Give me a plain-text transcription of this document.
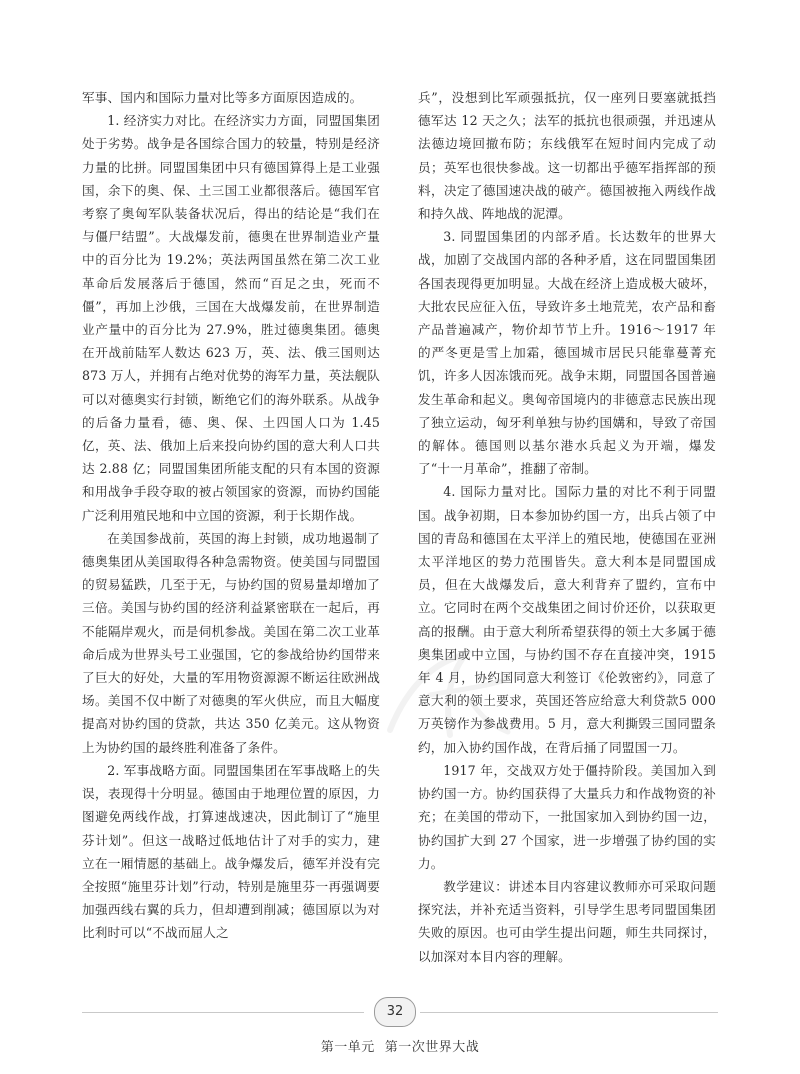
军事、国内和国际力量对比等多方面原因造成的。

1. 经济实力对比。在经济实力方面，同盟国集团处于劣势。战争是各国综合国力的较量，特别是经济力量的比拼。同盟国集团中只有德国算得上是工业强国，余下的奥、保、土三国工业都很落后。德国军官考察了奥匈军队装备状况后，得出的结论是“我们在与僵尸结盟”。大战爆发前，德奥在世界制造业产量中的百分比为 19.2%；英法两国虽然在第二次工业革命后发展落后于德国，然而“百足之虫，死而不僵”，再加上沙俄，三国在大战爆发前，在世界制造业产量中的百分比为 27.9%，胜过德奥集团。德奥在开战前陆军人数达 623 万，英、法、俄三国则达 873 万人，并拥有占绝对优势的海军力量，英法舰队可以对德奥实行封锁，断绝它们的海外联系。从战争的后备力量看，德、奥、保、土四国人口为 1.45 亿，英、法、俄加上后来投向协约国的意大利人口共达 2.88 亿；同盟国集团所能支配的只有本国的资源和用战争手段夺取的被占领国家的资源，而协约国能广泛利用殖民地和中立国的资源，利于长期作战。

在美国参战前，英国的海上封锁，成功地遏制了德奥集团从美国取得各种急需物资。使美国与同盟国的贸易猛跌，几至于无，与协约国的贸易量却增加了三倍。美国与协约国的经济利益紧密联在一起后，再不能隔岸观火，而是伺机参战。美国在第二次工业革命后成为世界头号工业强国，它的参战给协约国带来了巨大的好处，大量的军用物资源源不断运往欧洲战场。美国不仅中断了对德奥的军火供应，而且大幅度提高对协约国的贷款，共达 350 亿美元。这从物资上为协约国的最终胜利准备了条件。

2. 军事战略方面。同盟国集团在军事战略上的失误，表现得十分明显。德国由于地理位置的原因，力图避免两线作战，打算速战速决，因此制订了“施里芬计划”。但这一战略过低地估计了对手的实力，建立在一厢情愿的基础上。战争爆发后，德军并没有完全按照“施里芬计划”行动，特别是施里芬一再强调要加强西线右翼的兵力，但却遭到削减；德国原以为对比利时可以“不战而屈人之

兵”，没想到比军顽强抵抗，仅一座列日要塞就抵挡德军达 12 天之久；法军的抵抗也很顽强，并迅速从法德边境回撤布防；东线俄军在短时间内完成了动员；英军也很快参战。这一切都出乎德军指挥部的预料，决定了德国速决战的破产。德国被拖入两线作战和持久战、阵地战的泥潭。

3. 同盟国集团的内部矛盾。长达数年的世界大战，加剧了交战国内部的各种矛盾，这在同盟国集团各国表现得更加明显。大战在经济上造成极大破坏，大批农民应征入伍，导致许多土地荒芜，农产品和畜产品普遍减产，物价却节节上升。1916～1917 年的严冬更是雪上加霜，德国城市居民只能靠蔓菁充饥，许多人因冻饿而死。战争末期，同盟国各国普遍发生革命和起义。奥匈帝国境内的非德意志民族出现了独立运动，匈牙利单独与协约国媾和，导致了帝国的解体。德国则以基尔港水兵起义为开端，爆发了“十一月革命”，推翻了帝制。

4. 国际力量对比。国际力量的对比不利于同盟国。战争初期，日本参加协约国一方，出兵占领了中国的青岛和德国在太平洋上的殖民地，使德国在亚洲太平洋地区的势力范围皆失。意大利本是同盟国成员，但在大战爆发后，意大利背弃了盟约，宣布中立。它同时在两个交战集团之间讨价还价，以获取更高的报酬。由于意大利所希望获得的领土大多属于德奥集团或中立国，与协约国不存在直接冲突，1915 年 4 月，协约国同意大利签订《伦敦密约》，同意了意大利的领土要求，英国还答应给意大利贷款5 000万英镑作为参战费用。5 月，意大利撕毁三国同盟条约，加入协约国作战，在背后捅了同盟国一刀。

1917 年，交战双方处于僵持阶段。美国加入到协约国一方。协约国获得了大量兵力和作战物资的补充；在美国的带动下，一批国家加入到协约国一边，协约国扩大到 27 个国家，进一步增强了协约国的实力。

教学建议：讲述本目内容建议教师亦可采取问题探究法，并补充适当资料，引导学生思考同盟国集团失败的原因。也可由学生提出问题，师生共同探讨，以加深对本目内容的理解。

32
第一单元 第一次世界大战
